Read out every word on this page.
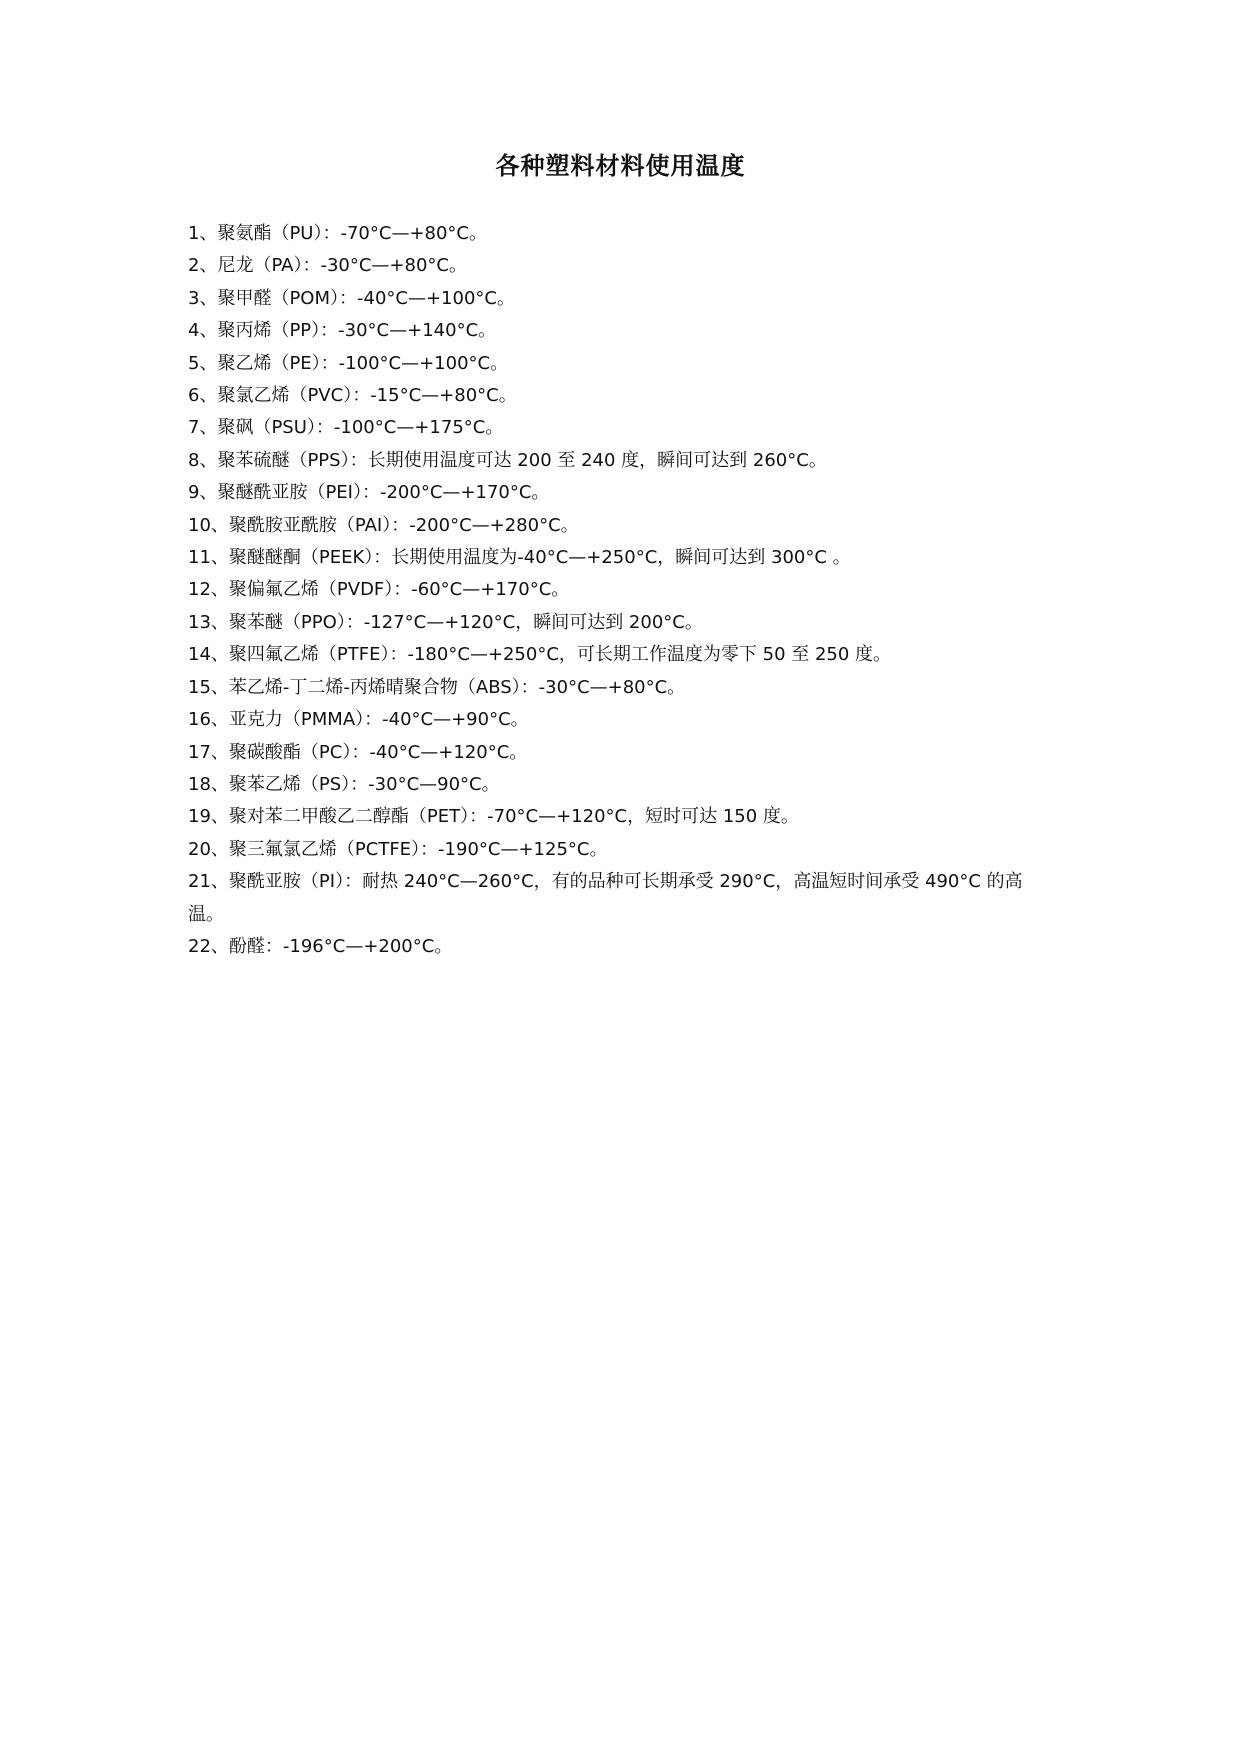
各种塑料材料使用温度
1、聚氨酯（PU）：-70°C—+80°C。
2、尼龙（PA）：-30°C—+80°C。
3、聚甲醛（POM）：-40°C—+100°C。
4、聚丙烯（PP）：-30°C—+140°C。
5、聚乙烯（PE）：-100°C—+100°C。
6、聚氯乙烯（PVC）：-15°C—+80°C。
7、聚砜（PSU）：-100°C—+175°C。
8、聚苯硫醚（PPS）：长期使用温度可达 200 至 240 度，瞬间可达到 260°C。
9、聚醚酰亚胺（PEI）：-200°C—+170°C。
10、聚酰胺亚酰胺（PAI）：-200°C—+280°C。
11、聚醚醚酮（PEEK）：长期使用温度为-40°C—+250°C，瞬间可达到 300°C 。
12、聚偏氟乙烯（PVDF）：-60°C—+170°C。
13、聚苯醚（PPO）：-127°C—+120°C，瞬间可达到 200°C。
14、聚四氟乙烯（PTFE）：-180°C—+250°C，可长期工作温度为零下 50 至 250 度。
15、苯乙烯-丁二烯-丙烯晴聚合物（ABS）：-30°C—+80°C。
16、亚克力（PMMA）：-40°C—+90°C。
17、聚碳酸酯（PC）：-40°C—+120°C。
18、聚苯乙烯（PS）：-30°C—90°C。
19、聚对苯二甲酸乙二醇酯（PET）：-70°C—+120°C，短时可达 150 度。
20、聚三氟氯乙烯（PCTFE）：-190°C—+125°C。
21、聚酰亚胺（PI）：耐热 240°C—260°C，有的品种可长期承受 290°C，高温短时间承受 490°C 的高温。
22、酚醛：-196°C—+200°C。
